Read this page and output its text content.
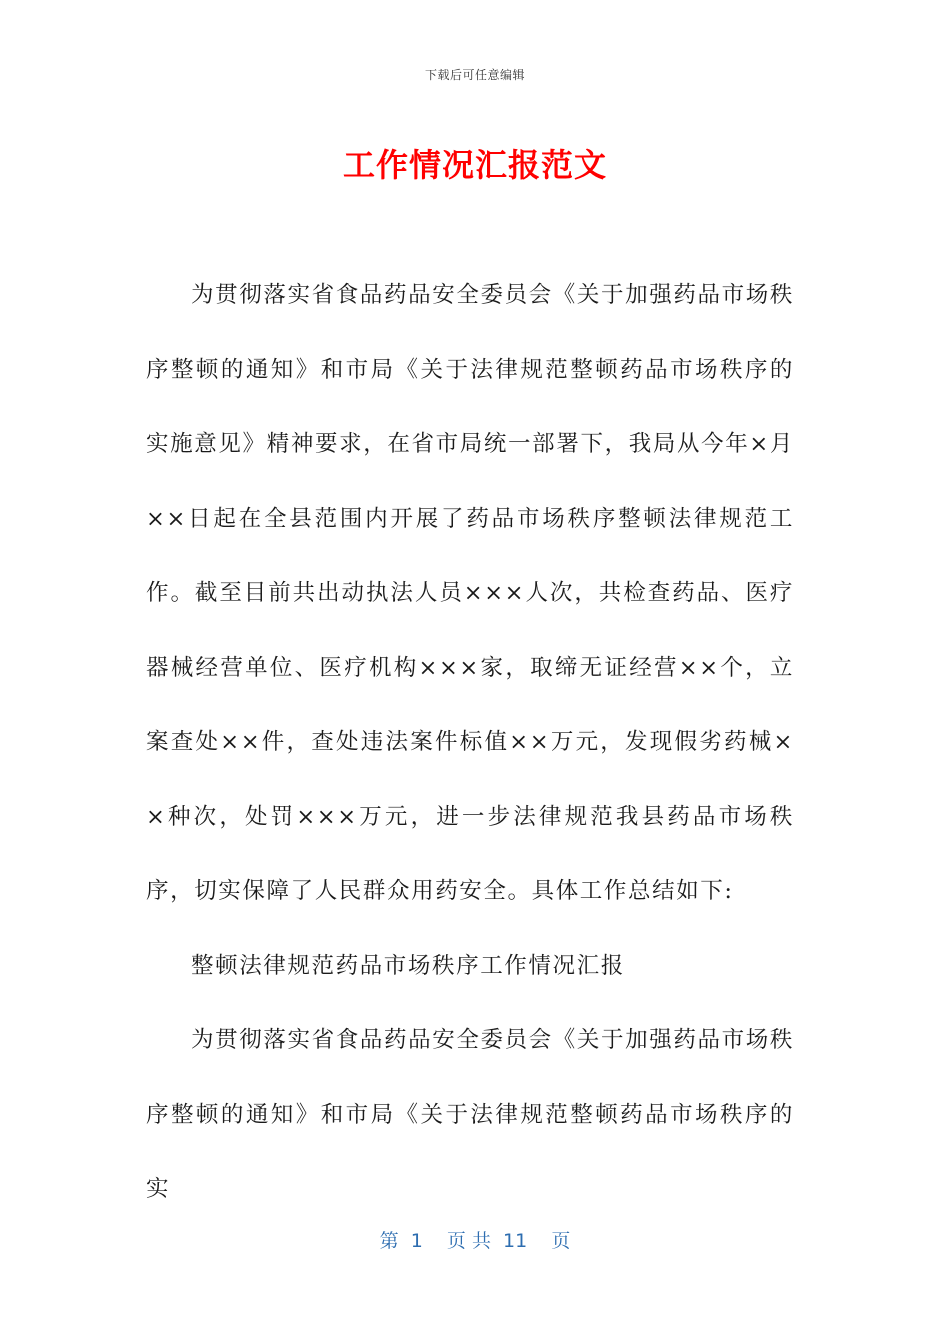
下载后可任意编辑
工作情况汇报范文

为贯彻落实省食品药品安全委员会《关于加强药品市场秩序整顿的通知》和市局《关于法律规范整顿药品市场秩序的实施意见》精神要求，在省市局统一部署下，我局从今年×月××日起在全县范围内开展了药品市场秩序整顿法律规范工作。截至目前共出动执法人员×××人次，共检查药品、医疗器械经营单位、医疗机构×××家，取缔无证经营××个，立案查处××件，查处违法案件标值××万元，发现假劣药械××种次，处罚×××万元，进一步法律规范我县药品市场秩序，切实保障了人民群众用药安全。具体工作总结如下:

整顿法律规范药品市场秩序工作情况汇报

为贯彻落实省食品药品安全委员会《关于加强药品市场秩序整顿的通知》和市局《关于法律规范整顿药品市场秩序的实

第  1    页 共  11    页
